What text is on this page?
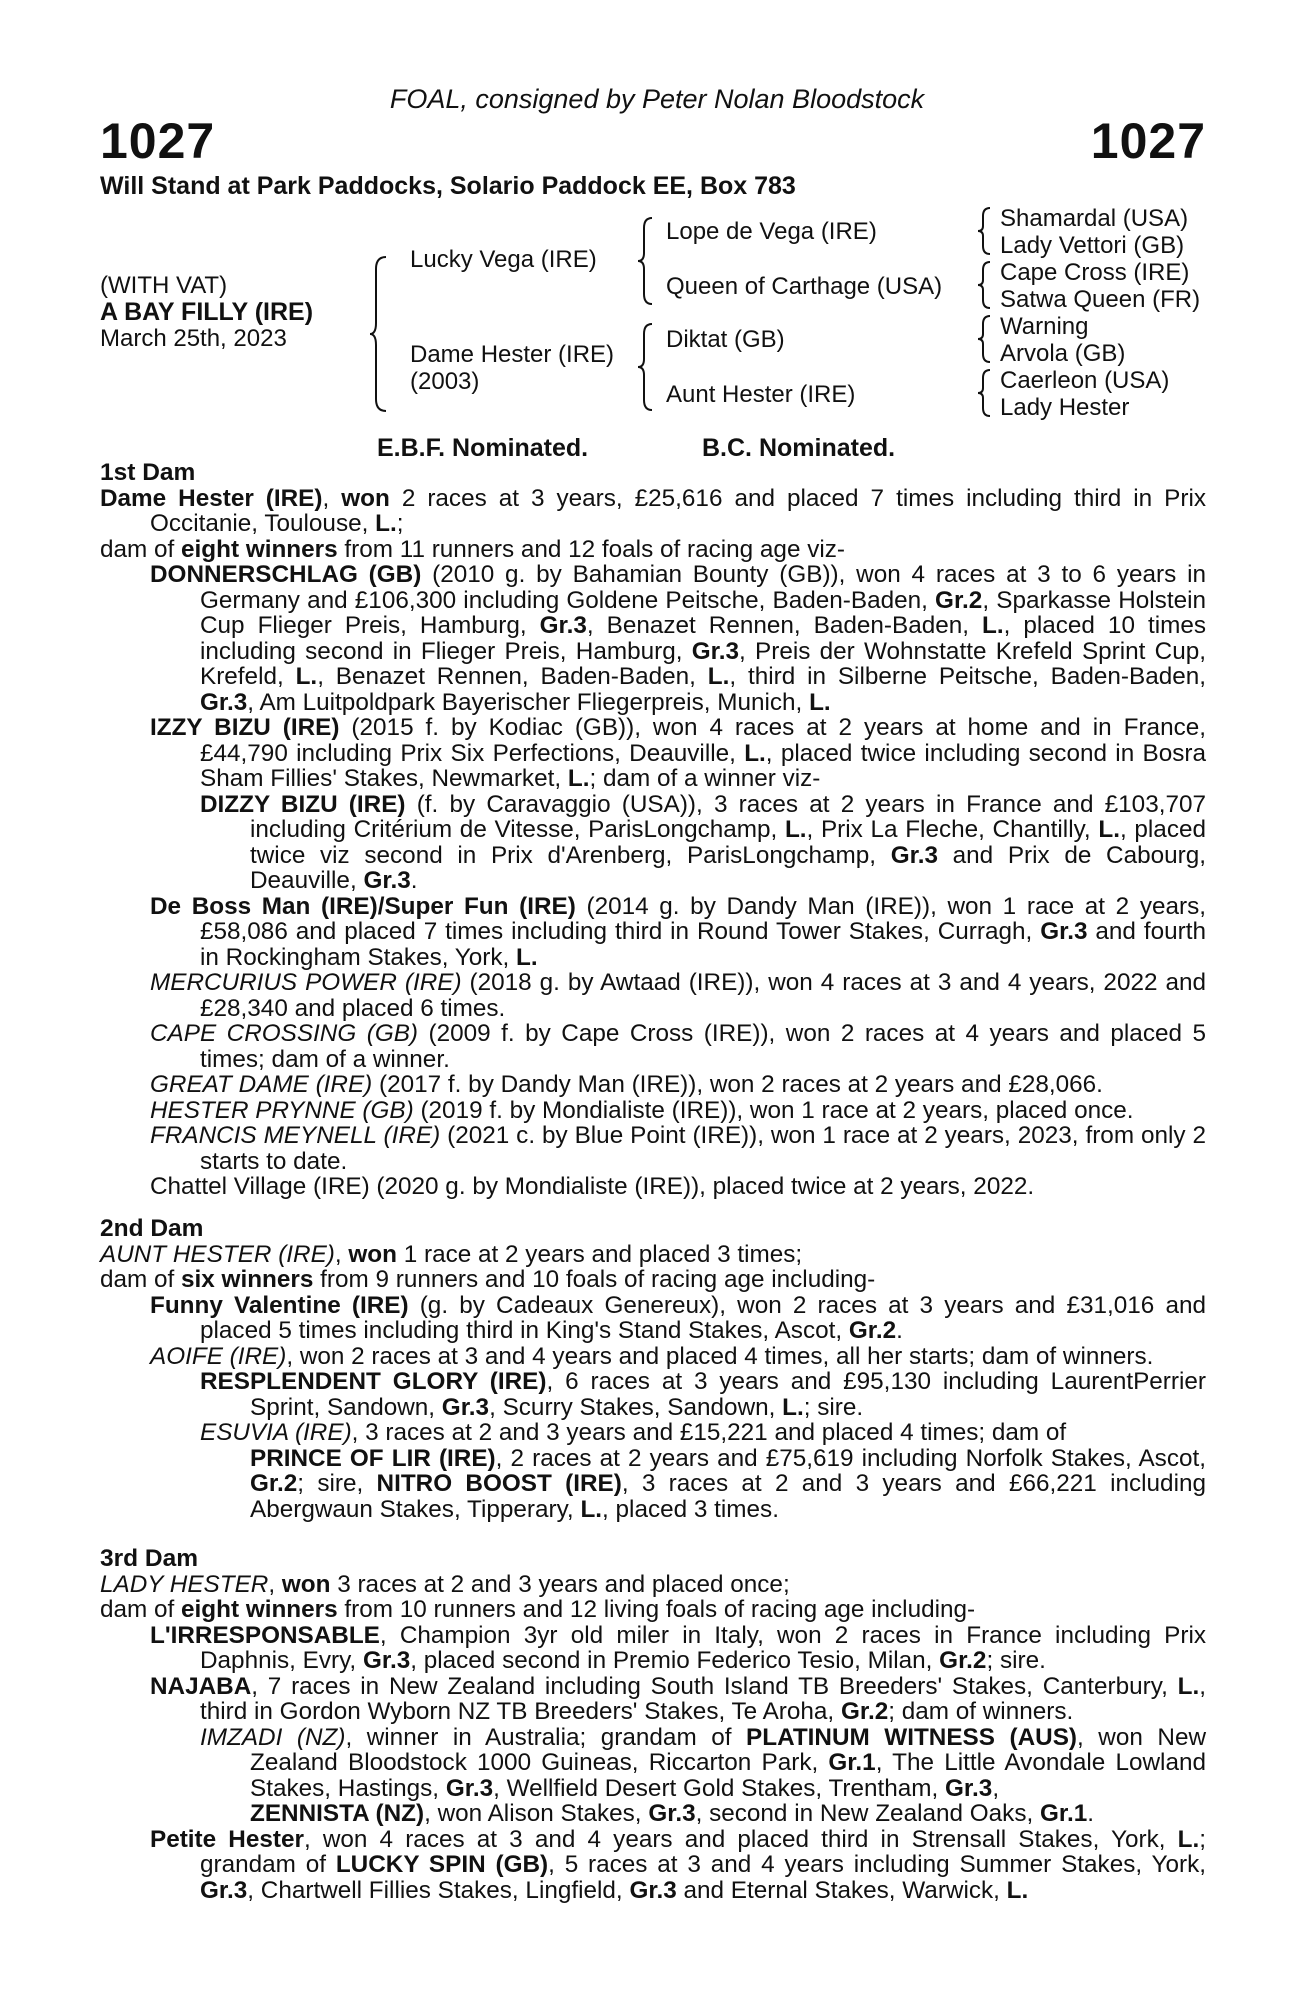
FOAL, consigned by Peter Nolan Bloodstock
1027	1027
Will Stand at Park Paddocks, Solario Paddock EE, Box 783
(WITH VAT)
A BAY FILLY (IRE)
March 25th, 2023
Lucky Vega (IRE)
Dame Hester (IRE)
(2003)
Lope de Vega (IRE)
Queen of Carthage (USA)
Diktat (GB)
Aunt Hester (IRE)
Shamardal (USA)
Lady Vettori (GB)
Cape Cross (IRE)
Satwa Queen (FR)
Warning
Arvola (GB)
Caerleon (USA)
Lady Hester
E.B.F. Nominated.	B.C. Nominated.
1st Dam

Dame Hester (IRE), won 2 races at 3 years, £25,616 and placed 7 times including third in Prix Occitanie, Toulouse, L.;

dam of eight winners from 11 runners and 12 foals of racing age viz-

DONNERSCHLAG (GB) (2010 g. by Bahamian Bounty (GB)), won 4 races at 3 to 6 years in Germany and £106,300 including Goldene Peitsche, Baden-Baden, Gr.2, Sparkasse Holstein Cup Flieger Preis, Hamburg, Gr.3, Benazet Rennen, Baden-Baden, L., placed 10 times including second in Flieger Preis, Hamburg, Gr.3, Preis der Wohnstatte Krefeld Sprint Cup, Krefeld, L., Benazet Rennen, Baden-Baden, L., third in Silberne Peitsche, Baden-Baden, Gr.3, Am Luitpoldpark Bayerischer Fliegerpreis, Munich, L.

IZZY BIZU (IRE) (2015 f. by Kodiac (GB)), won 4 races at 2 years at home and in France, £44,790 including Prix Six Perfections, Deauville, L., placed twice including second in Bosra Sham Fillies' Stakes, Newmarket, L.; dam of a winner viz-

DIZZY BIZU (IRE) (f. by Caravaggio (USA)), 3 races at 2 years in France and £103,707 including Critérium de Vitesse, ParisLongchamp, L., Prix La Fleche, Chantilly, L., placed twice viz second in Prix d'Arenberg, ParisLongchamp, Gr.3 and Prix de Cabourg, Deauville, Gr.3.

De Boss Man (IRE)/Super Fun (IRE) (2014 g. by Dandy Man (IRE)), won 1 race at 2 years, £58,086 and placed 7 times including third in Round Tower Stakes, Curragh, Gr.3 and fourth in Rockingham Stakes, York, L.

MERCURIUS POWER (IRE) (2018 g. by Awtaad (IRE)), won 4 races at 3 and 4 years, 2022 and £28,340 and placed 6 times.

CAPE CROSSING (GB) (2009 f. by Cape Cross (IRE)), won 2 races at 4 years and placed 5 times; dam of a winner.

GREAT DAME (IRE) (2017 f. by Dandy Man (IRE)), won 2 races at 2 years and £28,066.

HESTER PRYNNE (GB) (2019 f. by Mondialiste (IRE)), won 1 race at 2 years, placed once.

FRANCIS MEYNELL (IRE) (2021 c. by Blue Point (IRE)), won 1 race at 2 years, 2023, from only 2 starts to date.

Chattel Village (IRE) (2020 g. by Mondialiste (IRE)), placed twice at 2 years, 2022.

2nd Dam

AUNT HESTER (IRE), won 1 race at 2 years and placed 3 times;

dam of six winners from 9 runners and 10 foals of racing age including-

Funny Valentine (IRE) (g. by Cadeaux Genereux), won 2 races at 3 years and £31,016 and placed 5 times including third in King's Stand Stakes, Ascot, Gr.2.

AOIFE (IRE), won 2 races at 3 and 4 years and placed 4 times, all her starts; dam of winners.

RESPLENDENT GLORY (IRE), 6 races at 3 years and £95,130 including LaurentPerrier Sprint, Sandown, Gr.3, Scurry Stakes, Sandown, L.; sire.

ESUVIA (IRE), 3 races at 2 and 3 years and £15,221 and placed 4 times; dam of

PRINCE OF LIR (IRE), 2 races at 2 years and £75,619 including Norfolk Stakes, Ascot, Gr.2; sire, NITRO BOOST (IRE), 3 races at 2 and 3 years and £66,221 including Abergwaun Stakes, Tipperary, L., placed 3 times.

3rd Dam

LADY HESTER, won 3 races at 2 and 3 years and placed once;

dam of eight winners from 10 runners and 12 living foals of racing age including-

L'IRRESPONSABLE, Champion 3yr old miler in Italy, won 2 races in France including Prix Daphnis, Evry, Gr.3, placed second in Premio Federico Tesio, Milan, Gr.2; sire.

NAJABA, 7 races in New Zealand including South Island TB Breeders' Stakes, Canterbury, L., third in Gordon Wyborn NZ TB Breeders' Stakes, Te Aroha, Gr.2; dam of winners.

IMZADI (NZ), winner in Australia; grandam of PLATINUM WITNESS (AUS), won New Zealand Bloodstock 1000 Guineas, Riccarton Park, Gr.1, The Little Avondale Lowland Stakes, Hastings, Gr.3, Wellfield Desert Gold Stakes, Trentham, Gr.3,
ZENNISTA (NZ), won Alison Stakes, Gr.3, second in New Zealand Oaks, Gr.1.

Petite Hester, won 4 races at 3 and 4 years and placed third in Strensall Stakes, York, L.; grandam of LUCKY SPIN (GB), 5 races at 3 and 4 years including Summer Stakes, York, Gr.3, Chartwell Fillies Stakes, Lingfield, Gr.3 and Eternal Stakes, Warwick, L.
